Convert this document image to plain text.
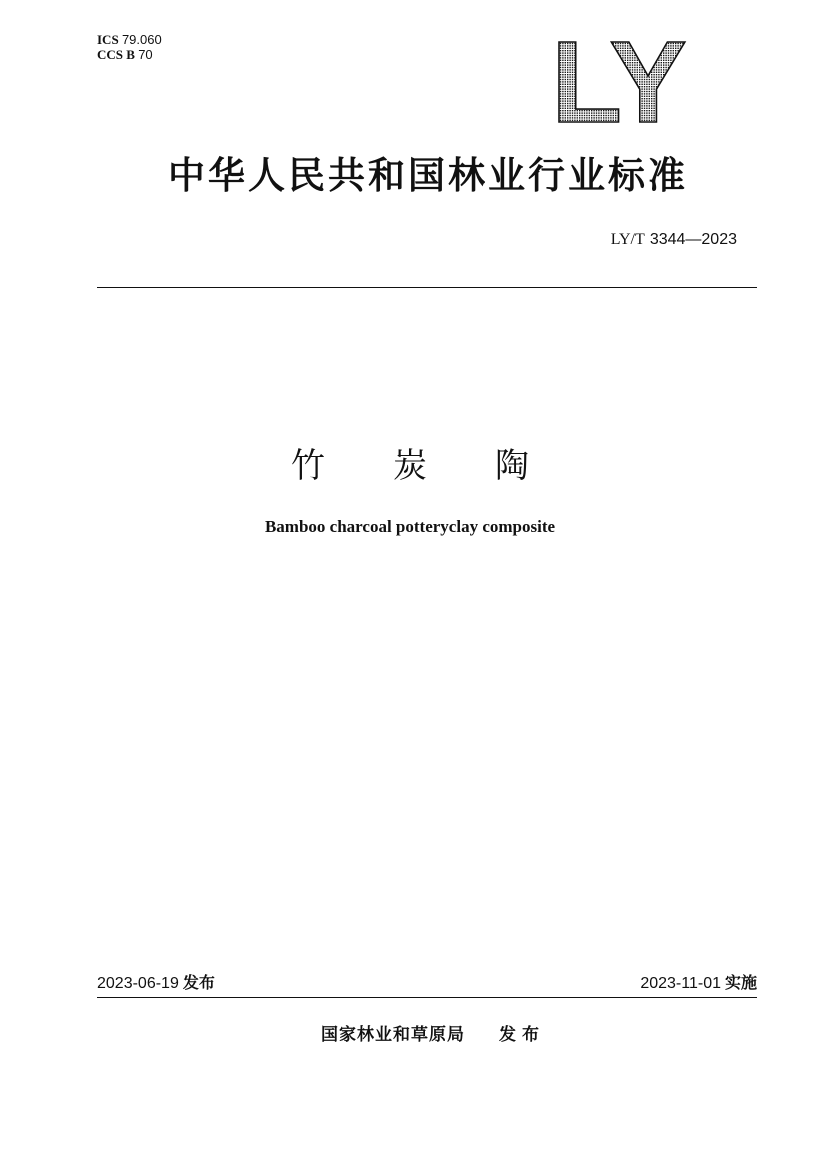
ICS 79.060
CCS B 70	LY
中华人民共和国林业行业标准
LY/T 3344—2023
竹　　炭　　陶
Bamboo charcoal potteryclay composite
2023-06-19 发布	2023-11-01 实施
国家林业和草原局 发 布
